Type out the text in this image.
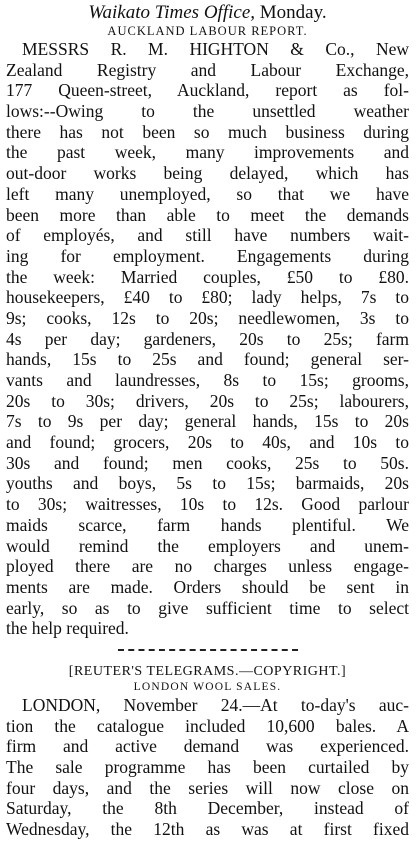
Waikato Times Office, Monday.

AUCKLAND LABOUR REPORT.

MESSRS R. M. HIGHTON & Co., New
Zealand Registry and Labour Exchange,
177 Queen-street, Auckland, report as fol-
lows:--Owing to the unsettled weather
there has not been so much business during
the past week, many improvements and
out-door works being delayed, which has
left many unemployed, so that we have
been more than able to meet the demands
of employés, and still have numbers wait-
ing for employment. Engagements during
the week: Married couples, £50 to £80.
housekeepers, £40 to £80; lady helps, 7s to
9s; cooks, 12s to 20s; needlewomen, 3s to
4s per day; gardeners, 20s to 25s; farm
hands, 15s to 25s and found; general ser-
vants and laundresses, 8s to 15s; grooms,
20s to 30s; drivers, 20s to 25s; labourers,
7s to 9s per day; general hands, 15s to 20s
and found; grocers, 20s to 40s, and 10s to
30s and found; men cooks, 25s to 50s.
youths and boys, 5s to 15s; barmaids, 20s
to 30s; waitresses, 10s to 12s. Good parlour
maids scarce, farm hands plentiful. We
would remind the employers and unem-
ployed there are no charges unless engage-
ments are made. Orders should be sent in
early, so as to give sufficient time to select
the help required.

[REUTER'S TELEGRAMS.—COPYRIGHT.]

LONDON WOOL SALES.

LONDON, November 24.—At to-day's auc-
tion the catalogue included 10,600 bales. A
firm and active demand was experienced.
The sale programme has been curtailed by
four days, and the series will now close on
Saturday, the 8th December, instead of
Wednesday, the 12th as was at first fixed
